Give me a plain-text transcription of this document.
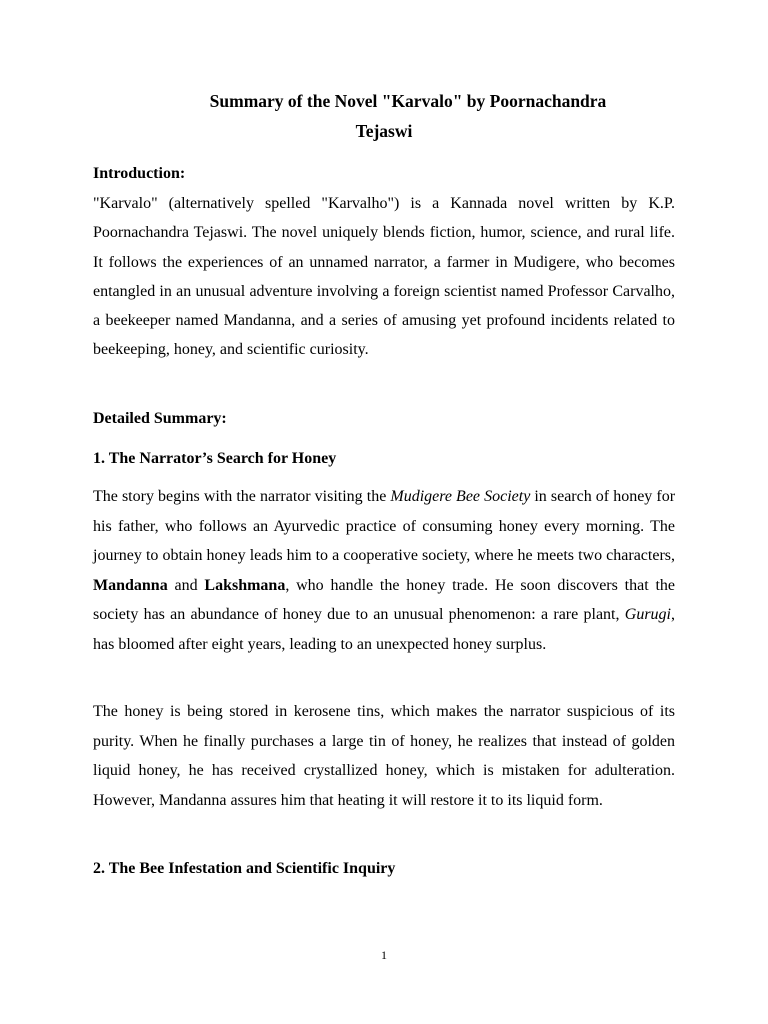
Summary of the Novel "Karvalo" by Poornachandra
Tejaswi

Introduction:

"Karvalo" (alternatively spelled "Karvalho") is a Kannada novel written by K.P. Poornachandra Tejaswi. The novel uniquely blends fiction, humor, science, and rural life. It follows the experiences of an unnamed narrator, a farmer in Mudigere, who becomes entangled in an unusual adventure involving a foreign scientist named Professor Carvalho, a beekeeper named Mandanna, and a series of amusing yet profound incidents related to beekeeping, honey, and scientific curiosity.

Detailed Summary:

1. The Narrator’s Search for Honey

The story begins with the narrator visiting the Mudigere Bee Society in search of honey for his father, who follows an Ayurvedic practice of consuming honey every morning. The journey to obtain honey leads him to a cooperative society, where he meets two characters, Mandanna and Lakshmana, who handle the honey trade. He soon discovers that the society has an abundance of honey due to an unusual phenomenon: a rare plant, Gurugi, has bloomed after eight years, leading to an unexpected honey surplus.

The honey is being stored in kerosene tins, which makes the narrator suspicious of its purity. When he finally purchases a large tin of honey, he realizes that instead of golden liquid honey, he has received crystallized honey, which is mistaken for adulteration. However, Mandanna assures him that heating it will restore it to its liquid form.

2. The Bee Infestation and Scientific Inquiry

1
